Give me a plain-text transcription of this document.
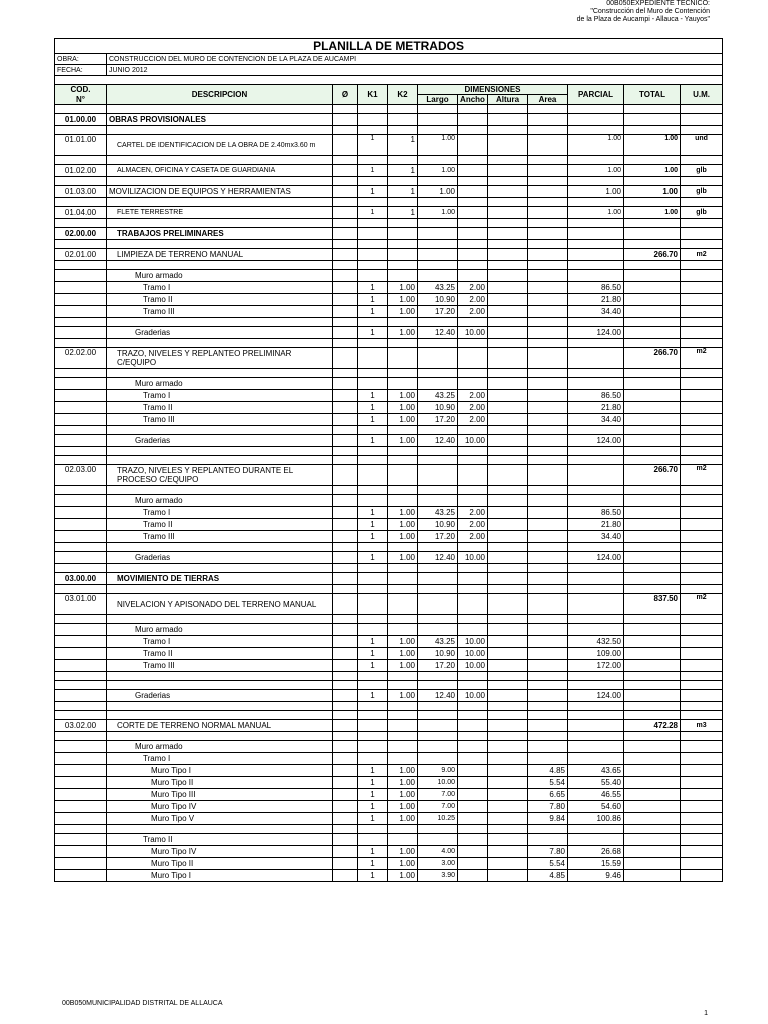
00B050EXPEDIENTE TECNICO:
"Construcción del Muro de Contención
de la Plaza de Aucampi - Allauca - Yauyos"
PLANILLA DE METRADOS											
OBRA:	CONSTRUCCION DEL MURO DE CONTENCION DE LA PLAZA DE AUCAMPI										
FECHA:	JUNIO 2012										

COD.	DESCRIPCION	Ø	K1	K2	DIMENSIONES				PARCIAL	TOTAL	U.M.
N°					Largo	Ancho	Altura	Area			

01.00.00	OBRAS PROVISIONALES										

01.01.00	CARTEL DE IDENTIFICACION DE LA OBRA DE 2.40mx3.60 m		1	1	1.00				1.00	1.00	und

01.02.00	ALMACEN, OFICINA Y CASETA DE GUARDIANIA		1	1	1.00				1.00	1.00	glb

01.03.00	MOVILIZACION DE EQUIPOS Y HERRAMIENTAS		1	1	1.00				1.00	1.00	glb

01.04.00	FLETE TERRESTRE		1	1	1.00				1.00	1.00	glb

02.00.00	TRABAJOS PRELIMINARES										

02.01.00	LIMPIEZA DE TERRENO MANUAL									266.70	m2

	Muro armado										
	Tramo I		1	1.00	43.25	2.00			86.50		
	Tramo II		1	1.00	10.90	2.00			21.80		
	Tramo III		1	1.00	17.20	2.00			34.40		

	Graderias		1	1.00	12.40	10.00			124.00		

02.02.00	TRAZO, NIVELES Y REPLANTEO PRELIMINAR C/EQUIPO									266.70	m2

	Muro armado										
	Tramo I		1	1.00	43.25	2.00			86.50		
	Tramo II		1	1.00	10.90	2.00			21.80		
	Tramo III		1	1.00	17.20	2.00			34.40		

	Graderias		1	1.00	12.40	10.00			124.00		

02.03.00	TRAZO, NIVELES Y REPLANTEO DURANTE EL PROCESO C/EQUIPO									266.70	m2

	Muro armado										
	Tramo I		1	1.00	43.25	2.00			86.50		
	Tramo II		1	1.00	10.90	2.00			21.80		
	Tramo III		1	1.00	17.20	2.00			34.40		

	Graderias		1	1.00	12.40	10.00			124.00		

03.00.00	MOVIMIENTO DE TIERRAS										

03.01.00	NIVELACION Y APISONADO DEL TERRENO MANUAL									837.50	m2

	Muro armado										
	Tramo I		1	1.00	43.25	10.00			432.50		
	Tramo II		1	1.00	10.90	10.00			109.00		
	Tramo III		1	1.00	17.20	10.00			172.00		

	Graderias		1	1.00	12.40	10.00			124.00		

03.02.00	CORTE DE TERRENO NORMAL MANUAL									472.28	m3

	Muro armado										
	Tramo I										
	Muro Tipo I		1	1.00	9.00			4.85	43.65		
	Muro Tipo II		1	1.00	10.00			5.54	55.40		
	Muro Tipo III		1	1.00	7.00			6.65	46.55		
	Muro Tipo IV		1	1.00	7.00			7.80	54.60		
	Muro Tipo V		1	1.00	10.25			9.84	100.86		

	Tramo II										
	Muro Tipo IV		1	1.00	4.00			7.80	26.68		
	Muro Tipo II		1	1.00	3.00			5.54	15.59		
	Muro Tipo I		1	1.00	3.90			4.85	9.46		
00B050MUNICIPALIDAD DISTRITAL DE ALLAUCA
1
